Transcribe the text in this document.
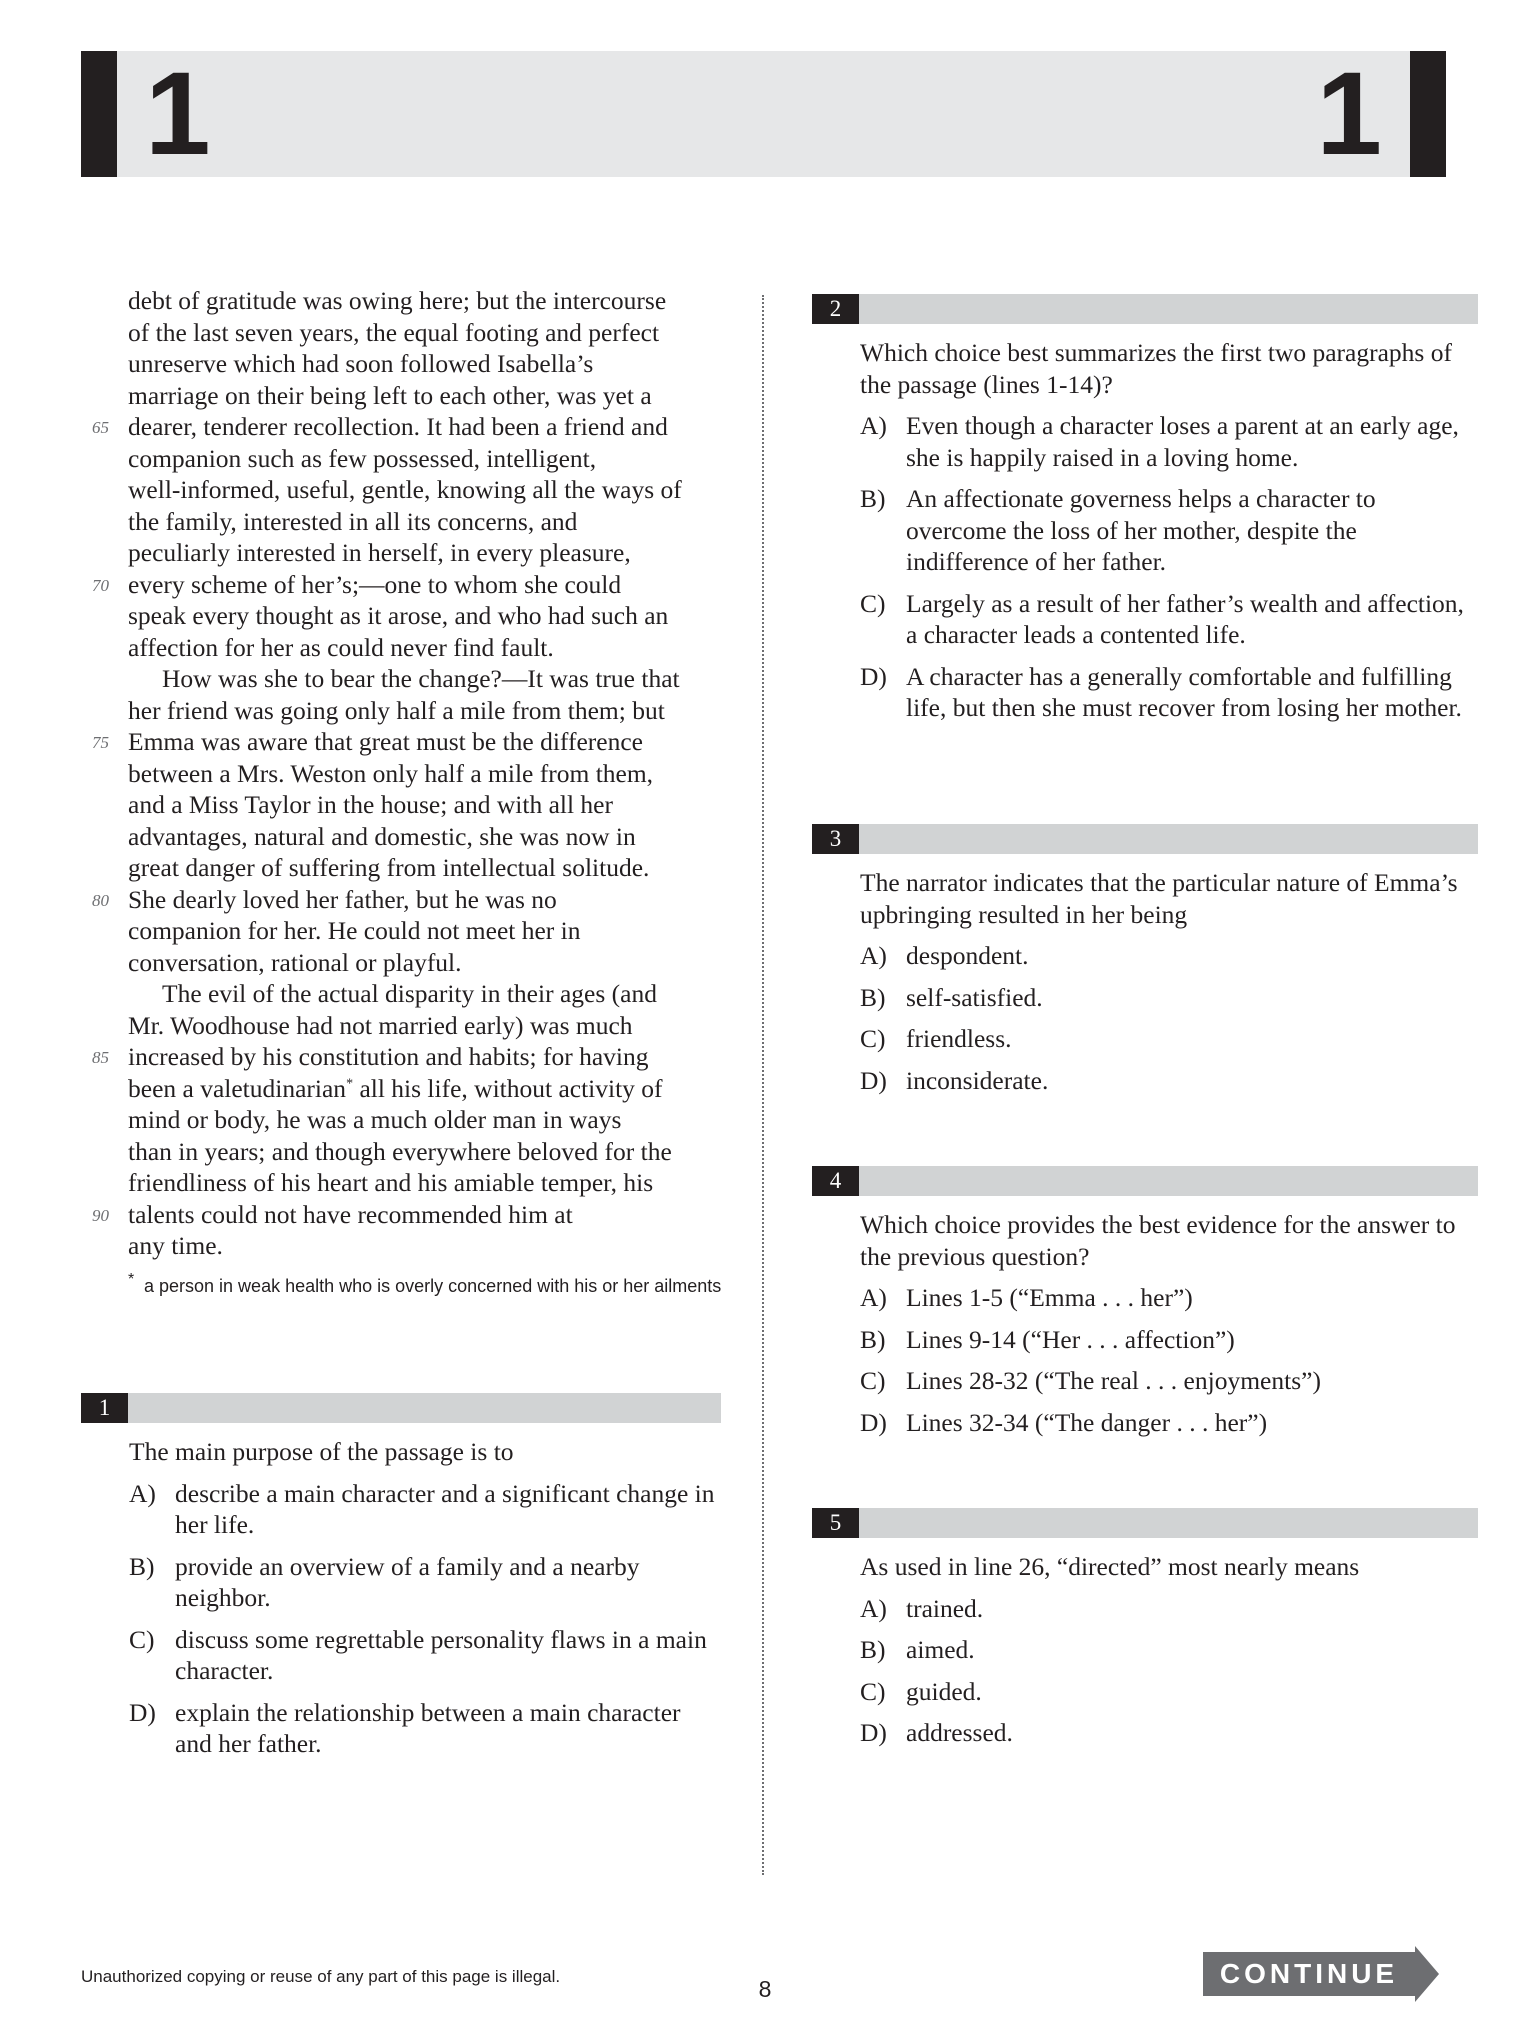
1	1
debt of gratitude was owing here; but the intercourse
of the last seven years, the equal footing and perfect
unreserve which had soon followed Isabella’s
marriage on their being left to each other, was yet a
65 dearer, tenderer recollection. It had been a friend and
companion such as few possessed, intelligent,
well-informed, useful, gentle, knowing all the ways of
the family, interested in all its concerns, and
peculiarly interested in herself, in every pleasure,
70 every scheme of her’s;—one to whom she could
speak every thought as it arose, and who had such an
affection for her as could never find fault.
How was she to bear the change?—It was true that
her friend was going only half a mile from them; but
75 Emma was aware that great must be the difference
between a Mrs. Weston only half a mile from them,
and a Miss Taylor in the house; and with all her
advantages, natural and domestic, she was now in
great danger of suffering from intellectual solitude.
80 She dearly loved her father, but he was no
companion for her. He could not meet her in
conversation, rational or playful.
The evil of the actual disparity in their ages (and
Mr. Woodhouse had not married early) was much
85 increased by his constitution and habits; for having
been a valetudinarian* all his life, without activity of
mind or body, he was a much older man in ways
than in years; and though everywhere beloved for the
friendliness of his heart and his amiable temper, his
90 talents could not have recommended him at
any time.
* a person in weak health who is overly concerned with his or her ailments
1
The main purpose of the passage is to
A) describe a main character and a significant change in her life.
B) provide an overview of a family and a nearby neighbor.
C) discuss some regrettable personality flaws in a main character.
D) explain the relationship between a main character and her father.
2
Which choice best summarizes the first two paragraphs of the passage (lines 1-14)?
A) Even though a character loses a parent at an early age, she is happily raised in a loving home.
B) An affectionate governess helps a character to overcome the loss of her mother, despite the indifference of her father.
C) Largely as a result of her father’s wealth and affection, a character leads a contented life.
D) A character has a generally comfortable and fulfilling life, but then she must recover from losing her mother.
3
The narrator indicates that the particular nature of Emma’s upbringing resulted in her being
A) despondent.
B) self-satisfied.
C) friendless.
D) inconsiderate.
4
Which choice provides the best evidence for the answer to the previous question?
A) Lines 1-5 (“Emma . . . her”)
B) Lines 9-14 (“Her . . . affection”)
C) Lines 28-32 (“The real . . . enjoyments”)
D) Lines 32-34 (“The danger . . . her”)
5
As used in line 26, “directed” most nearly means
A) trained.
B) aimed.
C) guided.
D) addressed.
Unauthorized copying or reuse of any part of this page is illegal.	8	CONTINUE
